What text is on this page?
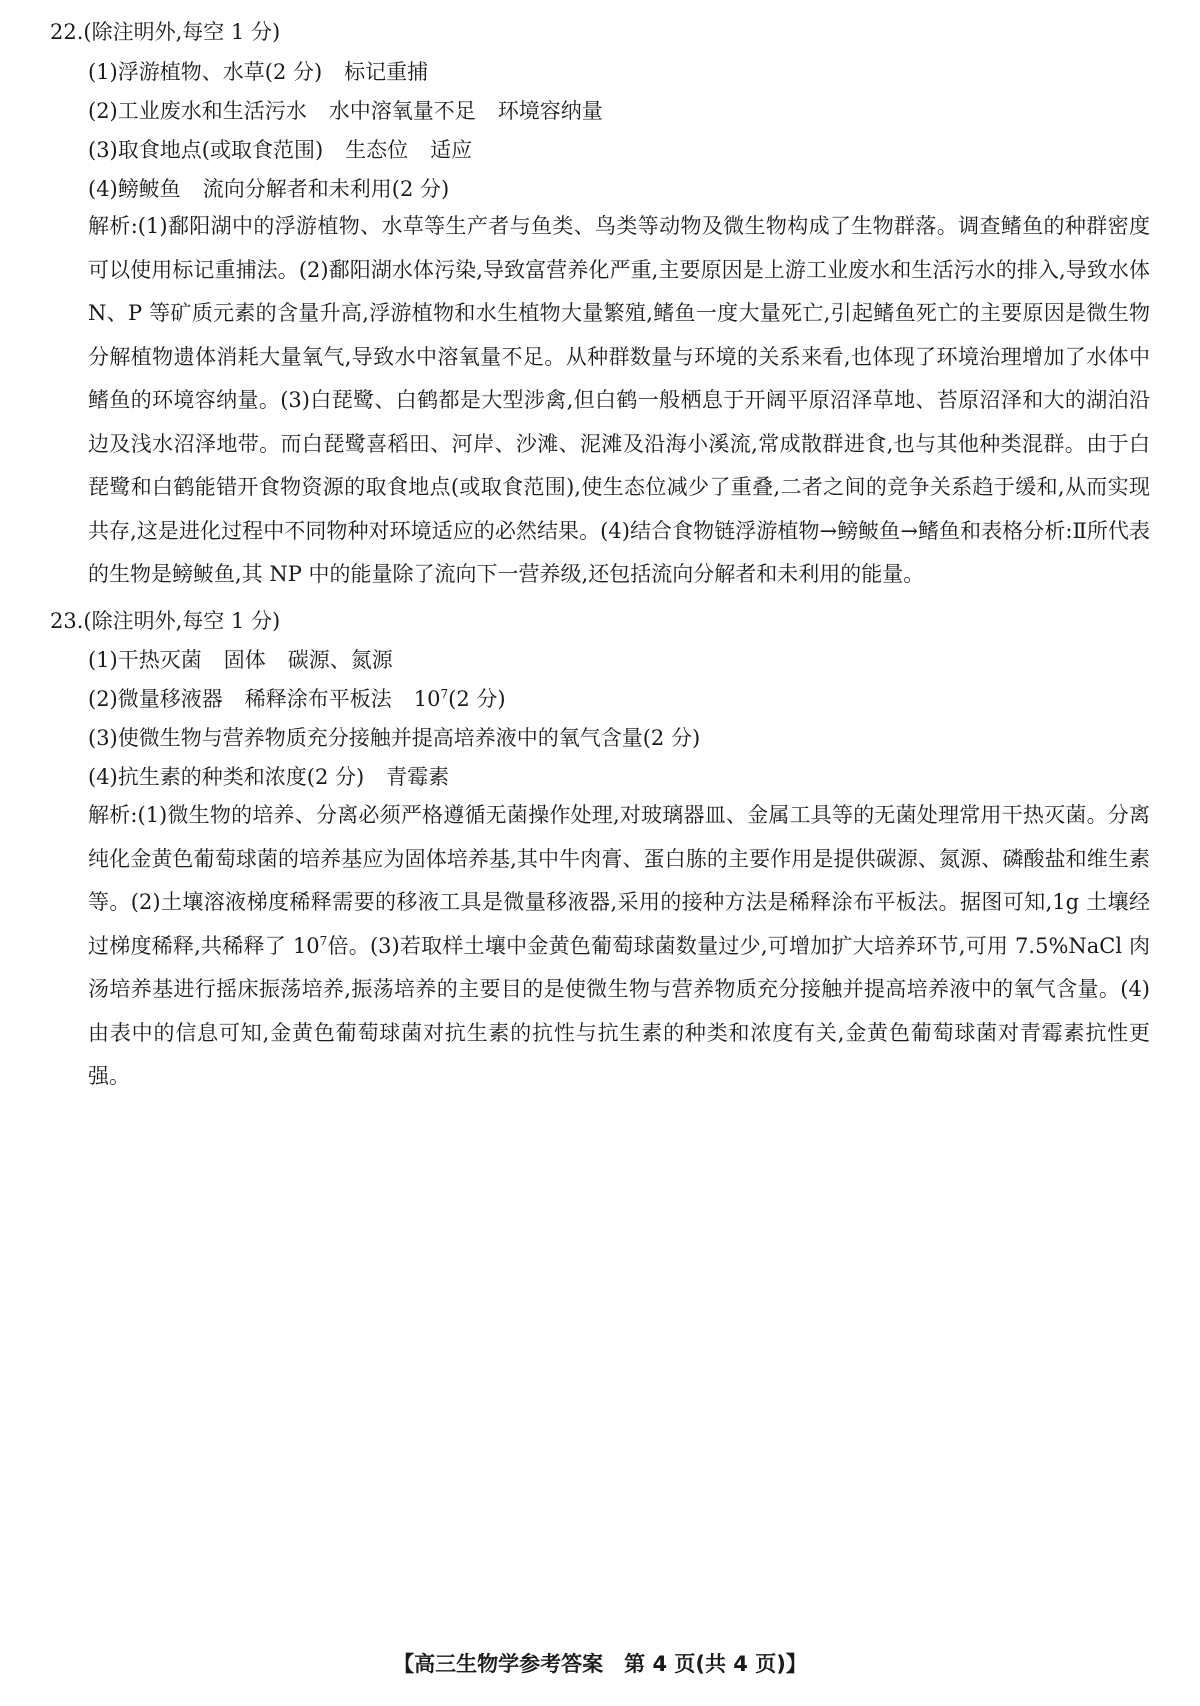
22.(除注明外,每空 1 分)
(1)浮游植物、水草(2 分) 标记重捕
(2)工业废水和生活污水 水中溶氧量不足 环境容纳量
(3)取食地点(或取食范围) 生态位 适应
(4)鳑鲏鱼 流向分解者和未利用(2 分)
解析:(1)鄱阳湖中的浮游植物、水草等生产者与鱼类、鸟类等动物及微生物构成了生物群落。调查鳍鱼的种群密度可以使用标记重捕法。(2)鄱阳湖水体污染,导致富营养化严重,主要原因是上游工业废水和生活污水的排入,导致水体 N、P 等矿质元素的含量升高,浮游植物和水生植物大量繁殖,鳍鱼一度大量死亡,引起鳍鱼死亡的主要原因是微生物分解植物遗体消耗大量氧气,导致水中溶氧量不足。从种群数量与环境的关系来看,也体现了环境治理增加了水体中鳍鱼的环境容纳量。(3)白琵鹭、白鹤都是大型涉禽,但白鹤一般栖息于开阔平原沼泽草地、苔原沼泽和大的湖泊沿边及浅水沼泽地带。而白琵鹭喜稻田、河岸、沙滩、泥滩及沿海小溪流,常成散群进食,也与其他种类混群。由于白琵鹭和白鹤能错开食物资源的取食地点(或取食范围),使生态位减少了重叠,二者之间的竞争关系趋于缓和,从而实现共存,这是进化过程中不同物种对环境适应的必然结果。(4)结合食物链浮游植物→鳑鲏鱼→鳍鱼和表格分析:Ⅱ所代表的生物是鳑鲏鱼,其 NP 中的能量除了流向下一营养级,还包括流向分解者和未利用的能量。
23.(除注明外,每空 1 分)
(1)干热灭菌 固体 碳源、氮源
(2)微量移液器 稀释涂布平板法 $10^7(2$ 分)
(3)使微生物与营养物质充分接触并提高培养液中的氧气含量(2 分)
(4)抗生素的种类和浓度(2 分) 青霉素
解析:(1)微生物的培养、分离必须严格遵循无菌操作处理,对玻璃器皿、金属工具等的无菌处理常用干热灭菌。分离纯化金黄色葡萄球菌的培养基应为固体培养基,其中牛肉膏、蛋白胨的主要作用是提供碳源、氮源、磷酸盐和维生素等。(2)土壤溶液梯度稀释需要的移液工具是微量移液器,采用的接种方法是稀释涂布平板法。据图可知,1g 土壤经过梯度稀释,共稀释了 $10^7$倍。(3)若取样土壤中金黄色葡萄球菌数量过少,可增加扩大培养环节,可用 7.5%NaCl 肉汤培养基进行摇床振荡培养,振荡培养的主要目的是使微生物与营养物质充分接触并提高培养液中的氧气含量。(4)由表中的信息可知,金黄色葡萄球菌对抗生素的抗性与抗生素的种类和浓度有关,金黄色葡萄球菌对青霉素抗性更强。
【高三生物学参考答案　第 4 页(共 4 页)】
